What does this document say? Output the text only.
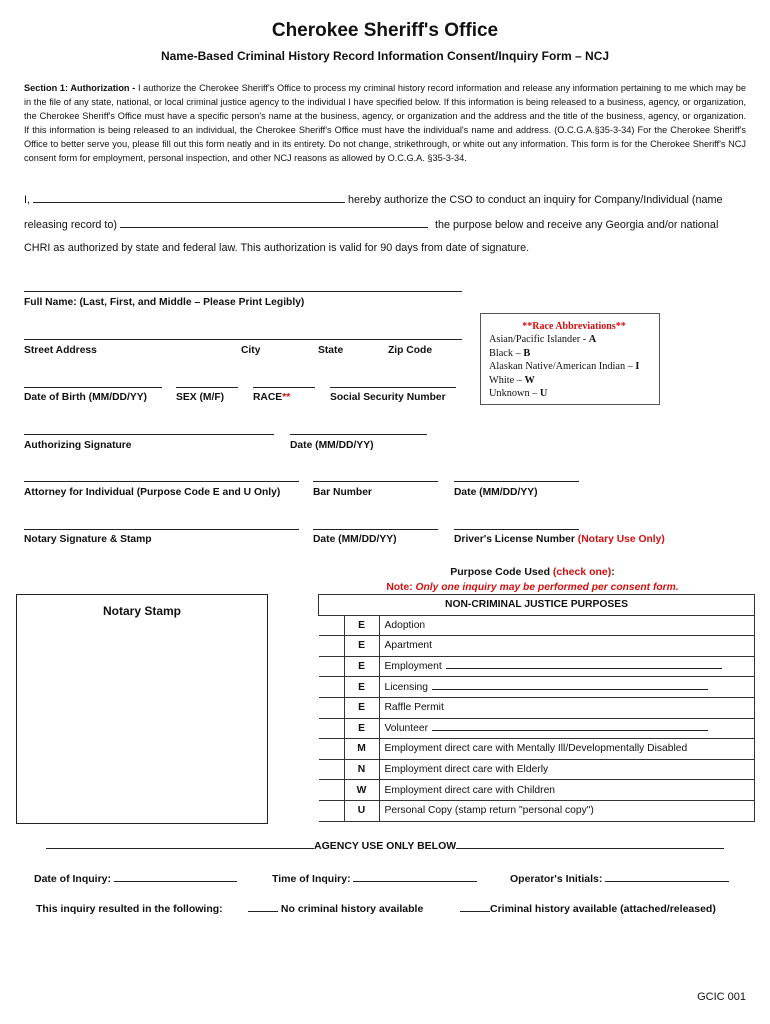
Cherokee Sheriff's Office
Name-Based Criminal History Record Information Consent/Inquiry Form – NCJ
Section 1: Authorization - I authorize the Cherokee Sheriff's Office to process my criminal history record information and release any information pertaining to me which may be in the file of any state, national, or local criminal justice agency to the individual I have specified below. If this information is being released to a business, agency, or organization, the Cherokee Sheriff's Office must have a specific person's name at the business, agency, or organization and the address and the title of the business, agency, or organization. If this information is being released to an individual, the Cherokee Sheriff's Office must have the individual's name and address. (O.C.G.A.§35-3-34) For the Cherokee Sheriff's Office to better serve you, please fill out this form neatly and in its entirety. Do not change, strikethrough, or white out any information. This form is for the Cherokee Sheriff's NCJ consent form for employment, personal inspection, and other NCJ reasons as allowed by O.C.G.A. §35-3-34.
I,	hereby authorize the CSO to conduct an inquiry for Company/Individual (name
releasing record to)	the purpose below and receive any Georgia and/or national
CHRI as authorized by state and federal law. This authorization is valid for 90 days from date of signature.
Full Name: (Last, First, and Middle – Please Print Legibly)
Street Address	City	State	Zip Code
**Race Abbreviations**
Asian/Pacific Islander - A
Black – B
Alaskan Native/American Indian – I
White – W
Unknown – U
Date of Birth (MM/DD/YY)	SEX (M/F)	RACE**	Social Security Number
Authorizing Signature	Date (MM/DD/YY)
Attorney for Individual (Purpose Code E and U Only)	Bar Number	Date (MM/DD/YY)
Notary Signature & Stamp	Date (MM/DD/YY)	Driver's License Number (Notary Use Only)
Purpose Code Used (check one):
Note: Only one inquiry may be performed per consent form.
Notary Stamp	NON-CRIMINAL JUSTICE PURPOSES		
	E	Adoption
	E	Apartment
	E	Employment
	E	Licensing
	E	Raffle Permit
	E	Volunteer
	M	Employment direct care with Mentally Ill/Developmentally Disabled
	N	Employment direct care with Elderly
	W	Employment direct care with Children
	U	Personal Copy (stamp return "personal copy")
AGENCY USE ONLY BELOW
Date of Inquiry:	Time of Inquiry:	Operator's Initials:
This inquiry resulted in the following:	No criminal history available	Criminal history available (attached/released)
GCIC 001
